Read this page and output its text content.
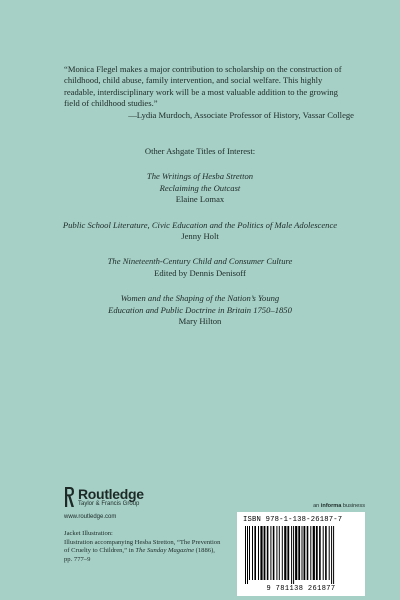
“Monica Flegel makes a major contribution to scholarship on the construction of childhood, child abuse, family intervention, and social welfare. This highly readable, interdisciplinary work will be a most valuable addition to the growing field of childhood studies.”

—Lydia Murdoch, Associate Professor of History, Vassar College

Other Ashgate Titles of Interest:
The Writings of Hesba Stretton
Reclaiming the Outcast
Elaine Lomax
Public School Literature, Civic Education and the Politics of Male Adolescence
Jenny Holt
The Nineteenth-Century Child and Consumer Culture
Edited by Dennis Denisoff
Women and the Shaping of the Nation’s Young
Education and Public Doctrine in Britain 1750–1850
Mary Hilton
Routledge
Taylor & Francis Group
www.routledge.com

Jacket Illustration:

Illustration accompanying Hesba Stretton, “The Prevention

of Cruelty to Children,” in The Sunday Magazine (1886),

pp. 777–9

an informa business
ISBN 978-1-138-26187-7
9 781138 261877
